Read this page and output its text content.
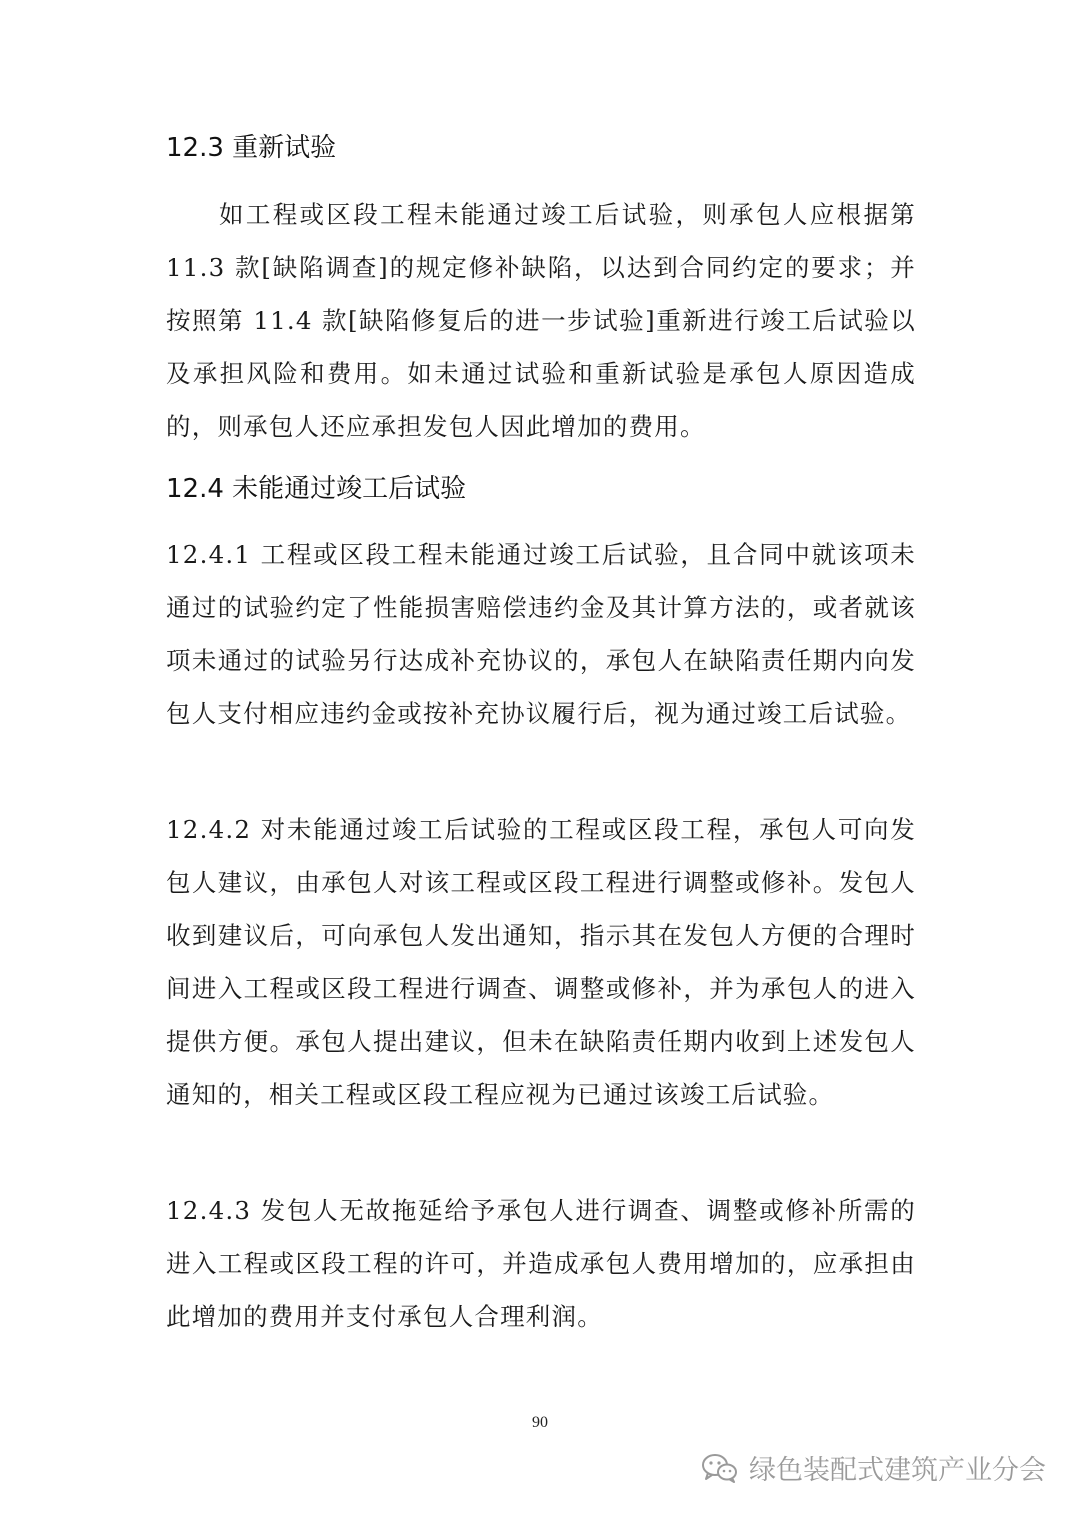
12.3 重新试验

如工程或区段工程未能通过竣工后试验，则承包人应根据第 11.3 款[缺陷调查]的规定修补缺陷，以达到合同约定的要求；并按照第 11.4 款[缺陷修复后的进一步试验]重新进行竣工后试验以及承担风险和费用。如未通过试验和重新试验是承包人原因造成的，则承包人还应承担发包人因此增加的费用。

12.4 未能通过竣工后试验

12.4.1 工程或区段工程未能通过竣工后试验，且合同中就该项未通过的试验约定了性能损害赔偿违约金及其计算方法的，或者就该项未通过的试验另行达成补充协议的，承包人在缺陷责任期内向发包人支付相应违约金或按补充协议履行后，视为通过竣工后试验。

12.4.2 对未能通过竣工后试验的工程或区段工程，承包人可向发包人建议，由承包人对该工程或区段工程进行调整或修补。发包人收到建议后，可向承包人发出通知，指示其在发包人方便的合理时间进入工程或区段工程进行调查、调整或修补，并为承包人的进入提供方便。承包人提出建议，但未在缺陷责任期内收到上述发包人通知的，相关工程或区段工程应视为已通过该竣工后试验。

12.4.3 发包人无故拖延给予承包人进行调查、调整或修补所需的进入工程或区段工程的许可，并造成承包人费用增加的，应承担由此增加的费用并支付承包人合理利润。

90
绿色装配式建筑产业分会
